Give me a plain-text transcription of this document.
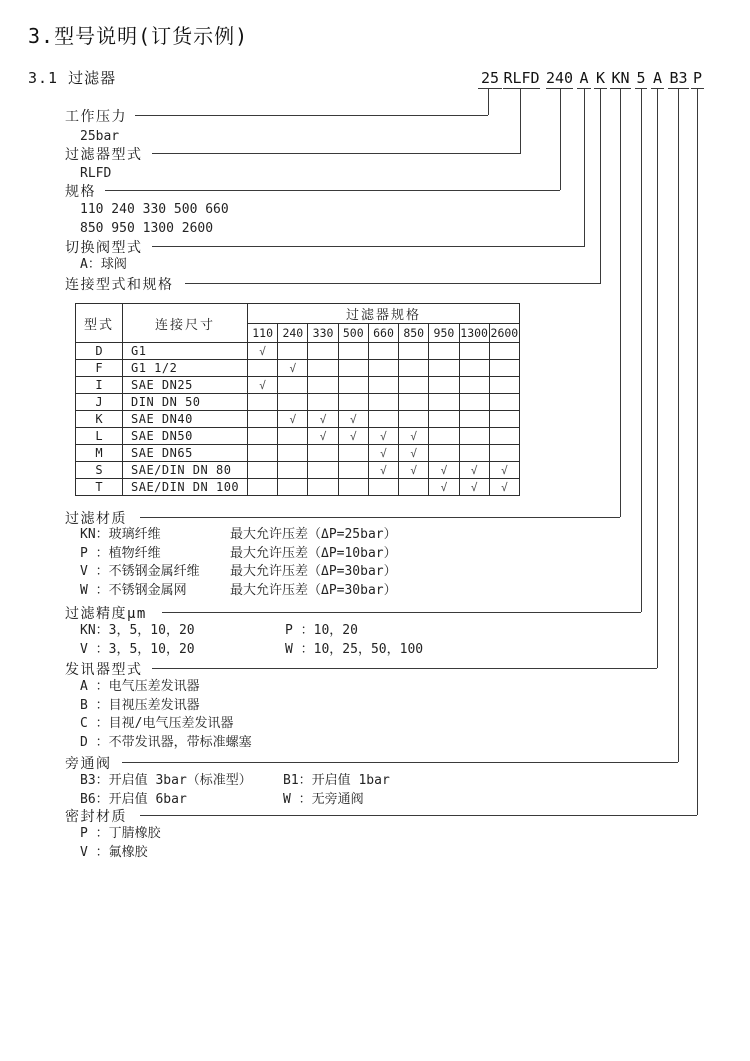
3.型号说明(订货示例)
3.1 过滤器	25 RLFD 240 A K KN 5 A B3 P
工作压力
过滤器型式
规格
切换阀型式
连接型式和规格
过滤材质
过滤精度μm
发讯器型式
旁通阀
密封材质
25bar
RLFD
110 240 330 500 660
850 950 1300 2600
A：球阀
KN：玻璃纤维	最大允许压差（ΔP=25bar）
P ：植物纤维	最大允许压差（ΔP=10bar）
V ：不锈钢金属纤维 最大允许压差（ΔP=30bar）
W ：不锈钢金属网	最大允许压差（ΔP=30bar）
KN：3，5，10，20	P ：10，20
V ：3，5，10，20	W ：10，25，50，100
A ：电气压差发讯器
B ：目视压差发讯器
C ：目视/电气压差发讯器
D ：不带发讯器，带标准螺塞
B3：开启值 3bar（标准型） B1：开启值 1bar
B6：开启值 6bar	W ：无旁通阀
P ：丁腈橡胶
V ：氟橡胶
型式	连接尺寸	过滤器规格								
		110	240	330	500	660	850	950	1300	2600
D	G1	√								
F	G1 1/2		√							
I	SAE DN25	√								
J	DIN DN 50									
K	SAE DN40		√	√	√					
L	SAE DN50			√	√	√	√			
M	SAE DN65					√	√			
S	SAE/DIN DN 80					√	√	√	√	√
T	SAE/DIN DN 100							√	√	√
